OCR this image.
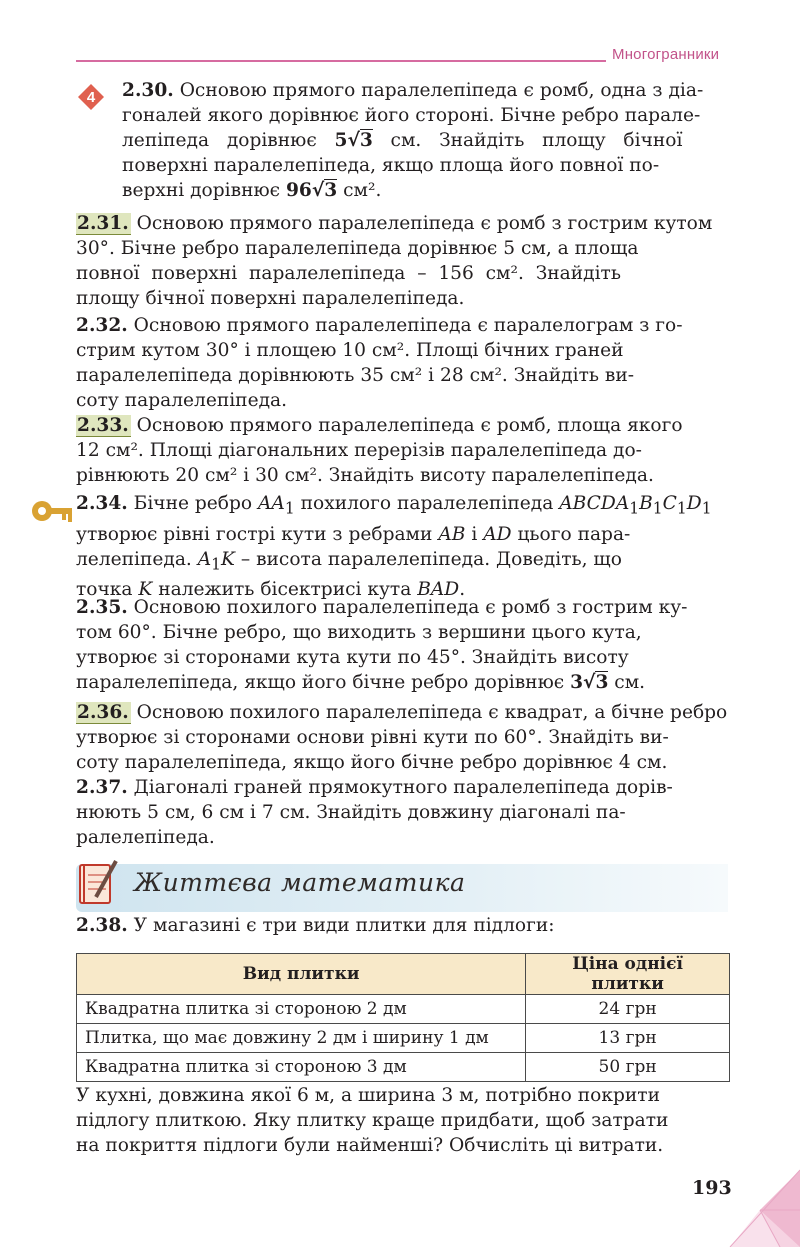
Многогранники
4 2.30. Основою прямого паралелепіпеда є ромб, одна з діа-
гоналей якого дорівнює його стороні. Бічне ребро парале-
лепіпеда   дорівнює   5√3   см.   Знайдіть   площу   бічної
поверхні паралелепіпеда, якщо площа його повної по-
верхні дорівнює 96√3 см².
2.31. Основою прямого паралелепіпеда є ромб з гострим кутом
30°. Бічне ребро паралелепіпеда дорівнює 5 см, а площа
повної  поверхні  паралелепіпеда  –  156  см².  Знайдіть
площу бічної поверхні паралелепіпеда.
2.32. Основою прямого паралелепіпеда є паралелограм з го-
стрим кутом 30° і площею 10 см². Площі бічних граней
паралелепіпеда дорівнюють 35 см² і 28 см². Знайдіть ви-
соту паралелепіпеда.
2.33. Основою прямого паралелепіпеда є ромб, площа якого
12 см². Площі діагональних перерізів паралелепіпеда до-
рівнюють 20 см² і 30 см². Знайдіть висоту паралелепіпеда.
2.34. Бічне ребро $AA_1$ похилого паралелепіпеда $ABCDA_1B_1C_1D_1$
утворює рівні гострі кути з ребрами AB і AD цього пара-
лелепіпеда. $A_1K$ – висота паралелепіпеда. Доведіть, що
точка K належить бісектрисі кута BAD.
2.35. Основою похилого паралелепіпеда є ромб з гострим ку-
том 60°. Бічне ребро, що виходить з вершини цього кута,
утворює зі сторонами кута кути по 45°. Знайдіть висоту
паралелепіпеда, якщо його бічне ребро дорівнює 3√3 см.
2.36. Основою похилого паралелепіпеда є квадрат, а бічне ребро
утворює зі сторонами основи рівні кути по 60°. Знайдіть ви-
соту паралелепіпеда, якщо його бічне ребро дорівнює 4 см.
2.37. Діагоналі граней прямокутного паралелепіпеда дорів-
нюють 5 см, 6 см і 7 см. Знайдіть довжину діагоналі па-
ралелепіпеда.
Життєва математика
2.38. У магазині є три види плитки для підлоги:
Вид плитки	Ціна однієї плитки
Квадратна плитка зі стороною 2 дм	24 грн
Плитка, що має довжину 2 дм і ширину 1 дм	13 грн
Квадратна плитка зі стороною 3 дм	50 грн
У кухні, довжина якої 6 м, а ширина 3 м, потрібно покрити
підлогу плиткою. Яку плитку краще придбати, щоб затрати
на покриття підлоги були найменші? Обчисліть ці витрати.
193
